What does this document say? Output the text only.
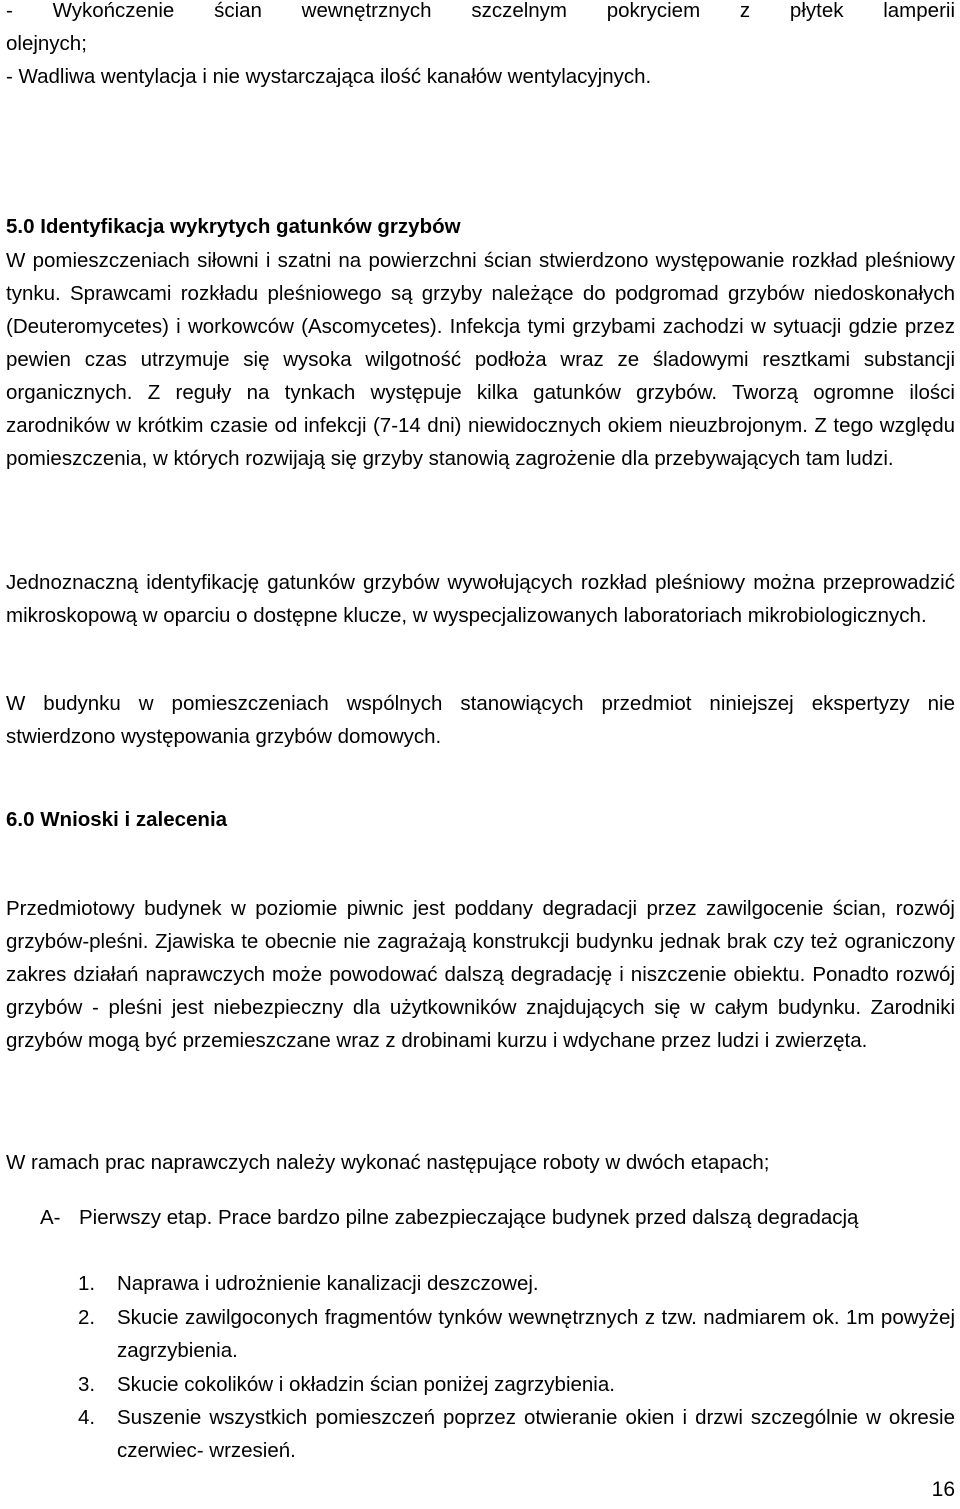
- Wykończenie ścian wewnętrznych szczelnym pokryciem z płytek lamperii

olejnych;

- Wadliwa wentylacja i nie wystarczająca ilość kanałów wentylacyjnych.

5.0 Identyfikacja wykrytych gatunków grzybów

W pomieszczeniach siłowni i szatni na powierzchni ścian stwierdzono występowanie rozkład pleśniowy tynku. Sprawcami rozkładu pleśniowego są grzyby należące do podgromad grzybów niedoskonałych (Deuteromycetes) i workowców (Ascomycetes). Infekcja tymi grzybami zachodzi w sytuacji gdzie przez pewien czas utrzymuje się wysoka wilgotność podłoża wraz ze śladowymi resztkami substancji organicznych. Z reguły na tynkach występuje kilka gatunków grzybów. Tworzą ogromne ilości zarodników w krótkim czasie od infekcji (7-14 dni) niewidocznych okiem nieuzbrojonym. Z tego względu pomieszczenia, w których rozwijają się grzyby stanowią zagrożenie dla przebywających tam ludzi.

Jednoznaczną identyfikację gatunków grzybów wywołujących rozkład pleśniowy można przeprowadzić mikroskopową w oparciu o dostępne klucze, w wyspecjalizowanych laboratoriach mikrobiologicznych.

W budynku w pomieszczeniach wspólnych stanowiących przedmiot niniejszej ekspertyzy nie stwierdzono występowania grzybów domowych.

6.0 Wnioski i zalecenia

Przedmiotowy budynek w poziomie piwnic jest poddany degradacji przez zawilgocenie ścian, rozwój grzybów-pleśni. Zjawiska te obecnie nie zagrażają konstrukcji budynku jednak brak czy też ograniczony zakres działań naprawczych może powodować dalszą degradację i niszczenie obiektu. Ponadto rozwój grzybów - pleśni jest niebezpieczny dla użytkowników znajdujących się w całym budynku. Zarodniki grzybów mogą być przemieszczane wraz z drobinami kurzu i wdychane przez ludzi i zwierzęta.

W ramach prac naprawczych należy wykonać następujące roboty w dwóch etapach;

A- Pierwszy etap. Prace bardzo pilne zabezpieczające budynek przed dalszą degradacją

1. Naprawa i udrożnienie kanalizacji deszczowej.

2. Skucie zawilgoconych fragmentów tynków wewnętrznych z tzw. nadmiarem ok. 1m powyżej zagrzybienia.

3. Skucie cokolików i okładzin ścian poniżej zagrzybienia.

4. Suszenie wszystkich pomieszczeń poprzez otwieranie okien i drzwi szczególnie w okresie czerwiec- wrzesień.

16
